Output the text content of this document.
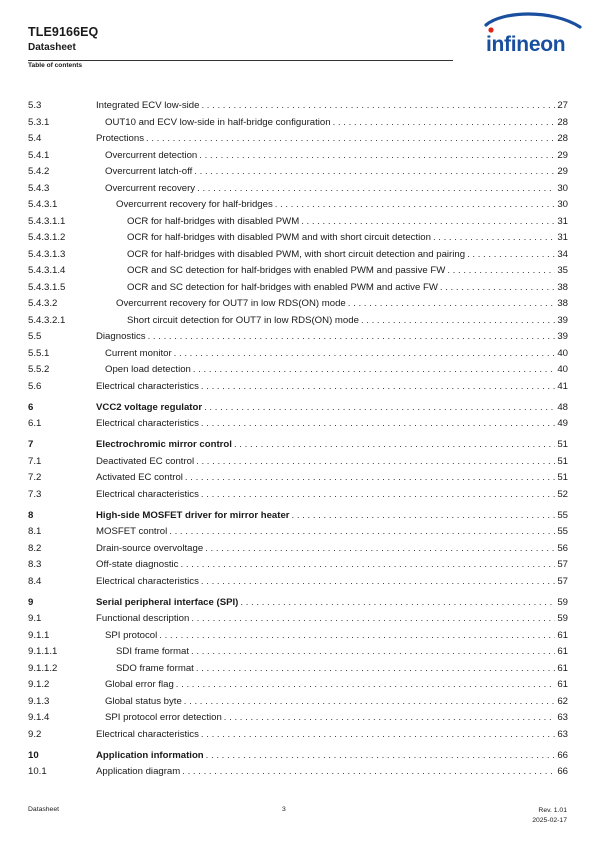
TLE9166EQ
Datasheet
Table of contents
infineon
5.3	Integrated ECV low-side . . .	27
5.3.1	OUT10 and ECV low-side in half-bridge configuration . . .	28
5.4	Protections . . .	28
5.4.1	Overcurrent detection . . .	29
5.4.2	Overcurrent latch-off . . .	29
5.4.3	Overcurrent recovery . . .	30
5.4.3.1	Overcurrent recovery for half-bridges . . .	30
5.4.3.1.1	OCR for half-bridges with disabled PWM . . .	31
5.4.3.1.2	OCR for half-bridges with disabled PWM and with short circuit detection . . .	31
5.4.3.1.3	OCR for half-bridges with disabled PWM, with short circuit detection and pairing . . .	34
5.4.3.1.4	OCR and SC detection for half-bridges with enabled PWM and passive FW . . .	35
5.4.3.1.5	OCR and SC detection for half-bridges with enabled PWM and active FW . . .	38
5.4.3.2	Overcurrent recovery for OUT7 in low RDS(ON) mode . . .	38
5.4.3.2.1	Short circuit detection for OUT7 in low RDS(ON) mode . . .	39
5.5	Diagnostics . . .	39
5.5.1	Current monitor . . .	40
5.5.2	Open load detection . . .	40
5.6	Electrical characteristics . . .	41
6	VCC2 voltage regulator . . .	48
6.1	Electrical characteristics . . .	49
7	Electrochromic mirror control . . .	51
7.1	Deactivated EC control . . .	51
7.2	Activated EC control . . .	51
7.3	Electrical characteristics . . .	52
8	High-side MOSFET driver for mirror heater . . .	55
8.1	MOSFET control . . .	55
8.2	Drain-source overvoltage . . .	56
8.3	Off-state diagnostic . . .	57
8.4	Electrical characteristics . . .	57
9	Serial peripheral interface (SPI) . . .	59
9.1	Functional description . . .	59
9.1.1	SPI protocol . . .	61
9.1.1.1	SDI frame format . . .	61
9.1.1.2	SDO frame format . . .	61
9.1.2	Global error flag . . .	61
9.1.3	Global status byte . . .	62
9.1.4	SPI protocol error detection . . .	63
9.2	Electrical characteristics . . .	63
10	Application information . . .	66
10.1	Application diagram . . .	66
Datasheet	3	Rev. 1.01
2025-02-17
